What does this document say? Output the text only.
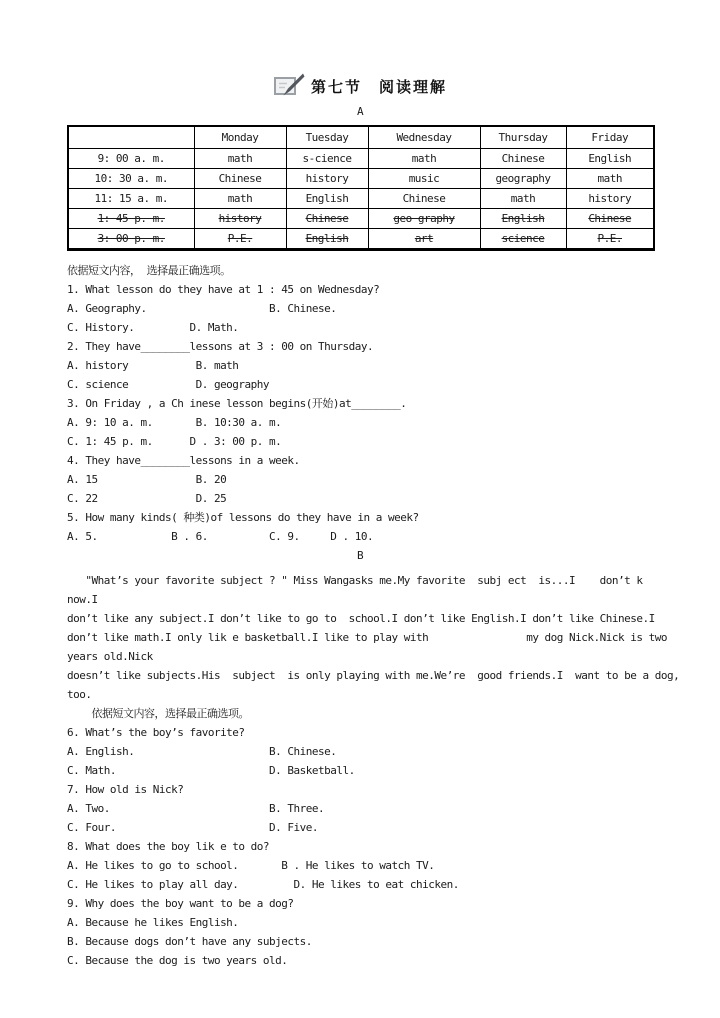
第七节　阅读理解
A
	Monday	Tuesday	Wednesday	Thursday	Friday
9: 00 a. m.	math	s-cience	math	Chinese	English
10: 30 a. m.	Chinese	history	music	geography	math
11: 15 a. m.	math	English	Chinese	math	history
1: 45 p. m.	history	Chinese	geo graphy	English	Chinese
3: 00 p. m.	P.E.	English	art	science	P.E.
依据短文内容， 选择最正确选项。
1. What lesson do they have at 1 : 45 on Wednesday?
A. Geography.                    B. Chinese.
C. History.         D. Math.
2. They have________lessons at 3 : 00 on Thursday.
A. history           B. math
C. science           D. geography
3. On Friday , a Ch inese lesson begins(开始)at________.
A. 9: 10 a. m.       B. 10:30 a. m.
C. 1: 45 p. m.      D . 3: 00 p. m.
4. They have________lessons in a week.
A. 15                B. 20
C. 22                D. 25
5. How many kinds( 种类)of lessons do they have in a week?
A. 5.            B . 6.          C. 9.     D . 10.
B
"What’s your favorite subject ? " Miss Wangasks me.My favorite  subj ect  is...I    don’t k
now.I
don’t like any subject.I don’t like to go to  school.I don’t like English.I don’t like Chinese.I
don’t like math.I only lik e basketball.I like to play with                my dog Nick.Nick is two
years old.Nick
doesn’t like subjects.His  subject  is only playing with me.We’re  good friends.I  want to be a dog,
too.
依据短文内容，选择最正确选项。
6. What’s the boy’s favorite?
A. English.                      B. Chinese.
C. Math.                         D. Basketball.
7. How old is Nick?
A. Two.                          B. Three.
C. Four.                         D. Five.
8. What does the boy lik e to do?
A. He likes to go to school.       B . He likes to watch TV.
C. He likes to play all day.         D. He likes to eat chicken.
9. Why does the boy want to be a dog?
A. Because he likes English.
B. Because dogs don’t have any subjects.
C. Because the dog is two years old.
